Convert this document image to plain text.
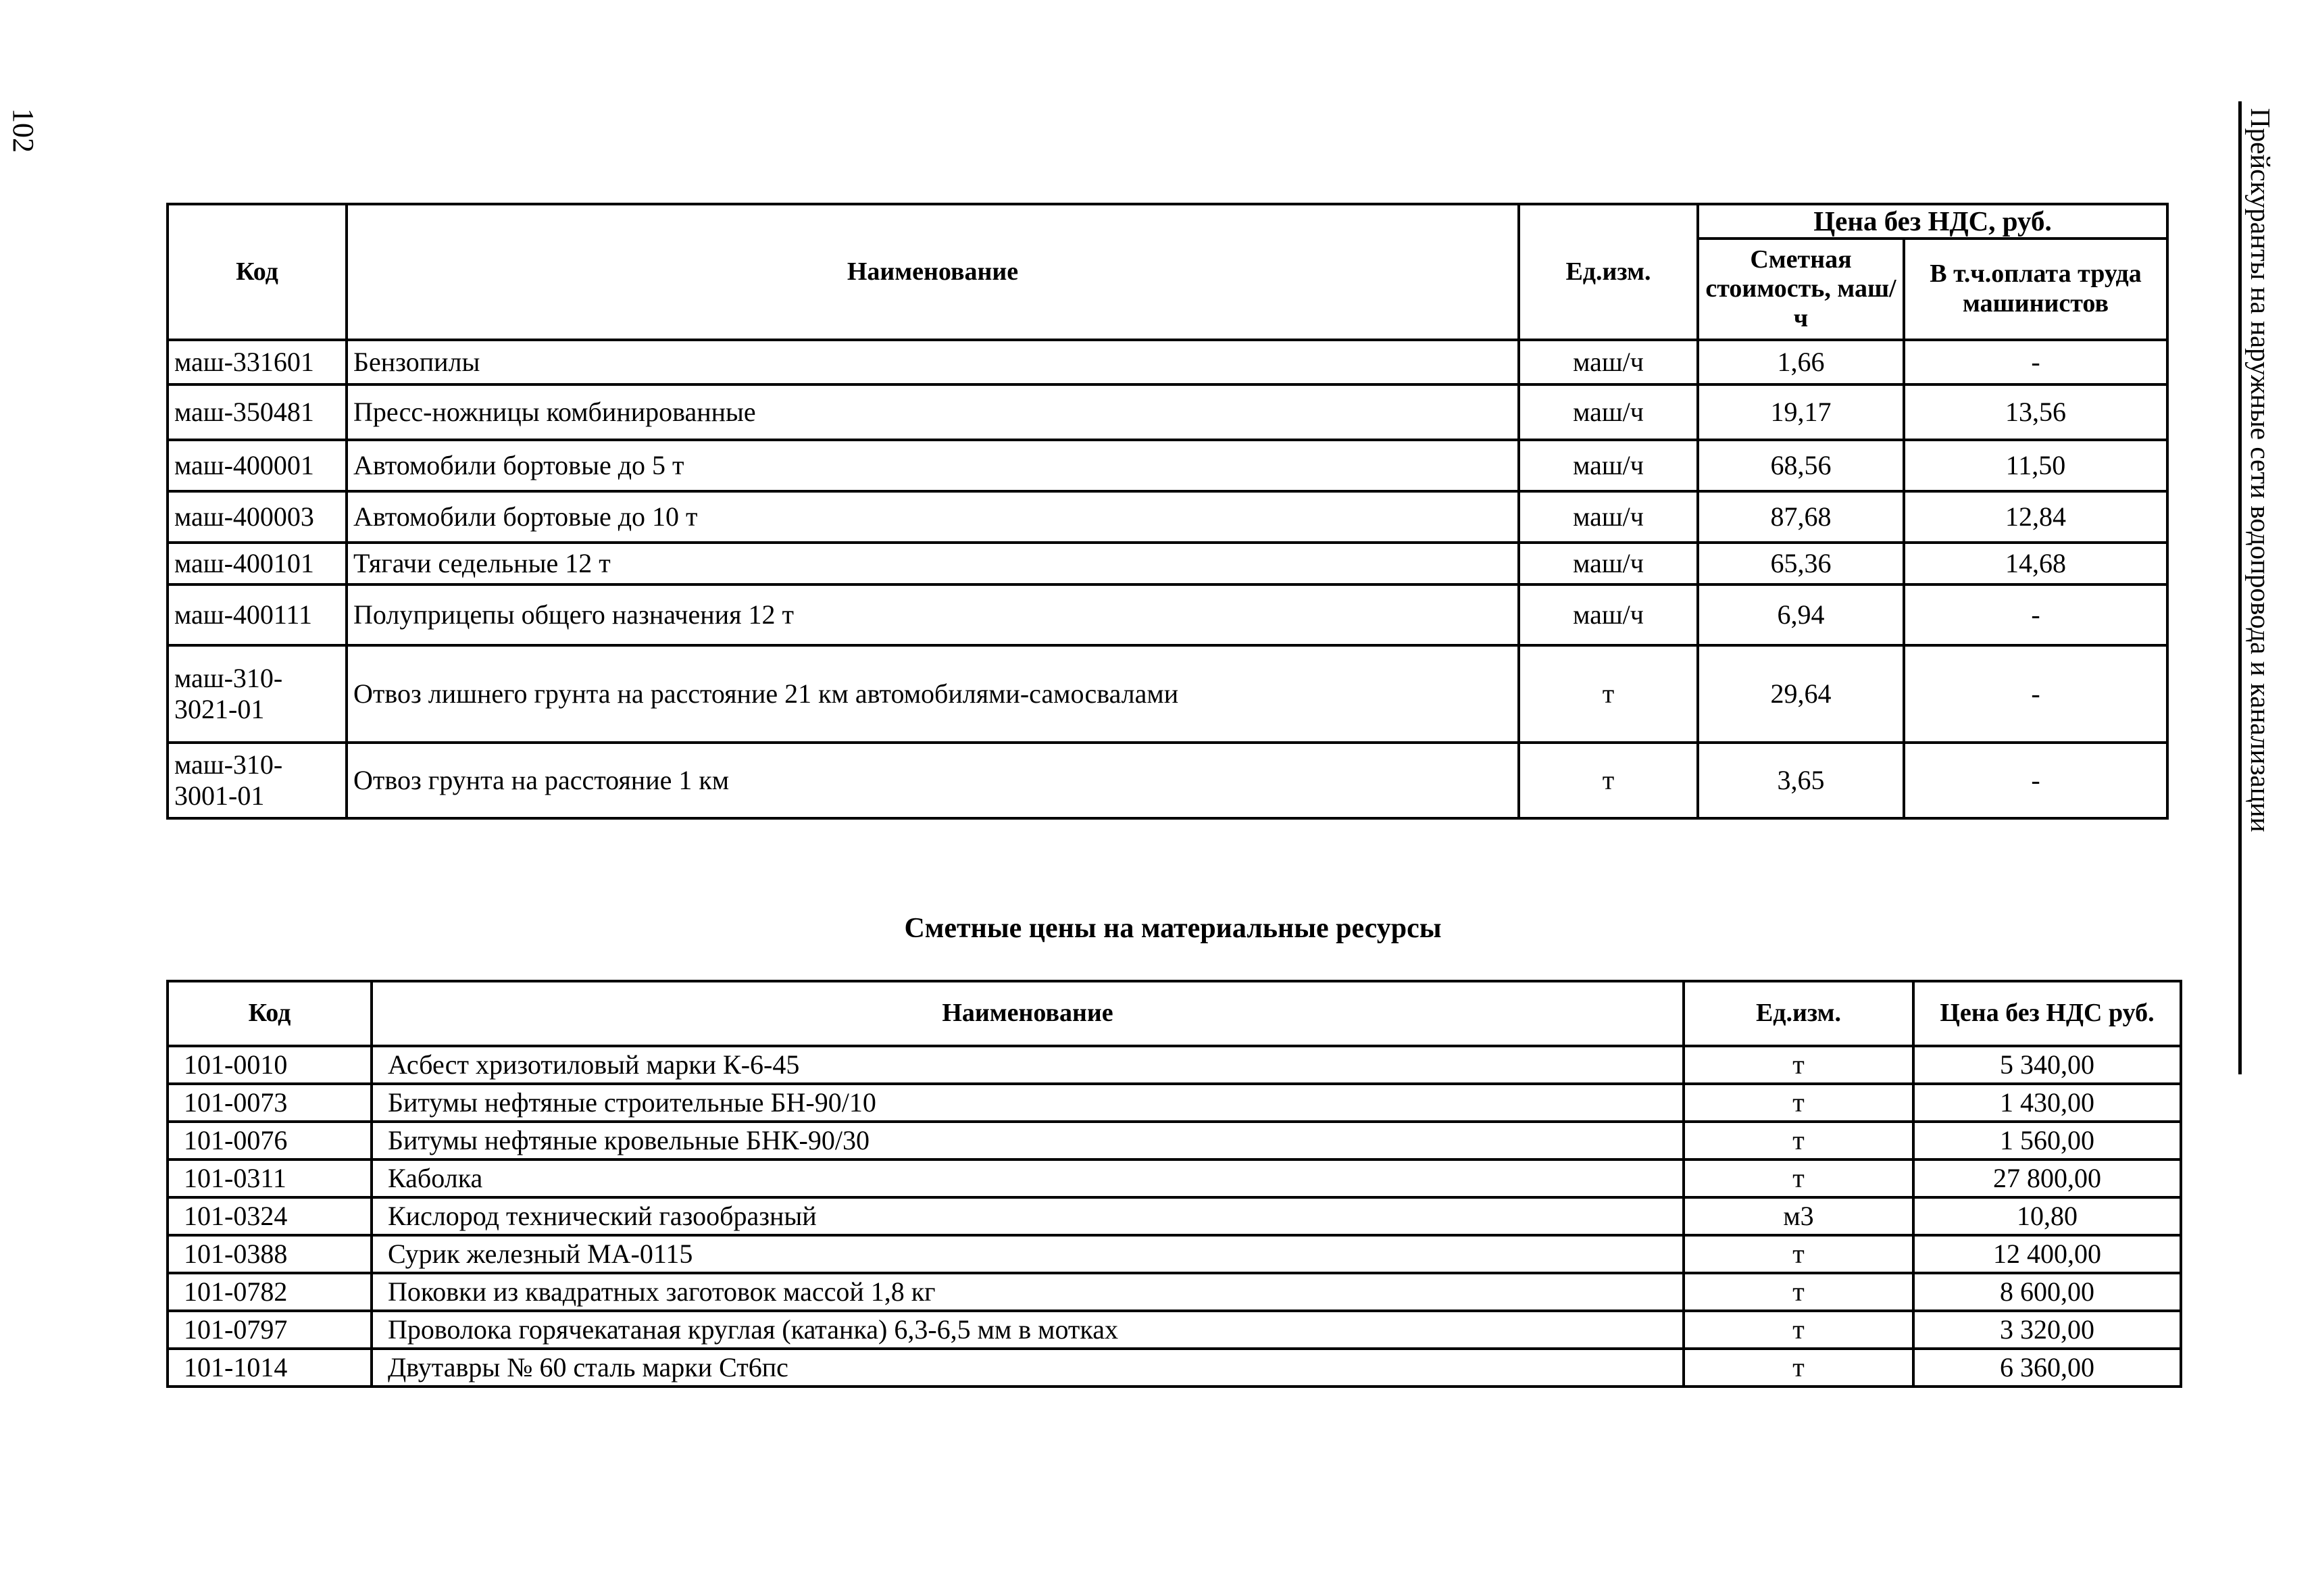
102	Прейскуранты на наружные сети водопровода и канализации
Код	Наименование	Ед.изм.	Цена без НДС, руб.	
			Сметная стоимость, маш/ч	В т.ч.оплата труда машинистов
маш-331601	Бензопилы	маш/ч	1,66	-
маш-350481	Пресс-ножницы комбинированные	маш/ч	19,17	13,56
маш-400001	Автомобили бортовые до 5 т	маш/ч	68,56	11,50
маш-400003	Автомобили бортовые до 10 т	маш/ч	87,68	12,84
маш-400101	Тягачи седельные 12 т	маш/ч	65,36	14,68
маш-400111	Полуприцепы общего назначения 12 т	маш/ч	6,94	-
маш-310-3021-01	Отвоз лишнего грунта на расстояние 21 км автомобилями-самосвалами	т	29,64	-
маш-310-3001-01	Отвоз грунта на расстояние 1 км	т	3,65	-
Сметные цены на материальные ресурсы
Код	Наименование	Ед.изм.	Цена без НДС руб.
101-0010	Асбест хризотиловый марки К-6-45	т	5 340,00
101-0073	Битумы нефтяные строительные БН-90/10	т	1 430,00
101-0076	Битумы нефтяные кровельные БНК-90/30	т	1 560,00
101-0311	Каболка	т	27 800,00
101-0324	Кислород технический газообразный	м3	10,80
101-0388	Сурик железный МА-0115	т	12 400,00
101-0782	Поковки из квадратных заготовок массой 1,8 кг	т	8 600,00
101-0797	Проволока горячекатаная круглая (катанка) 6,3-6,5 мм в мотках	т	3 320,00
101-1014	Двутавры № 60 сталь марки Ст6пс	т	6 360,00
